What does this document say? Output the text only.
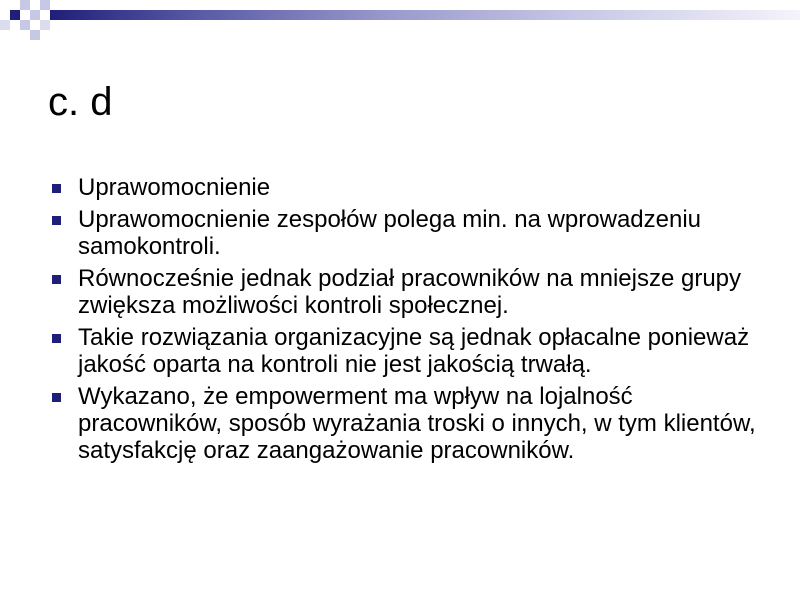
c. d
Uprawomocnienie
Uprawomocnienie zespołów polega min. na wprowadzeniu samokontroli.
Równocześnie jednak podział pracowników na mniejsze grupy zwiększa możliwości kontroli społecznej.
Takie rozwiązania organizacyjne są jednak opłacalne ponieważ jakość oparta na kontroli nie jest jakością trwałą.
Wykazano, że empowerment ma wpływ na lojalność pracowników, sposób wyrażania troski o innych, w tym klientów, satysfakcję oraz zaangażowanie pracowników.
